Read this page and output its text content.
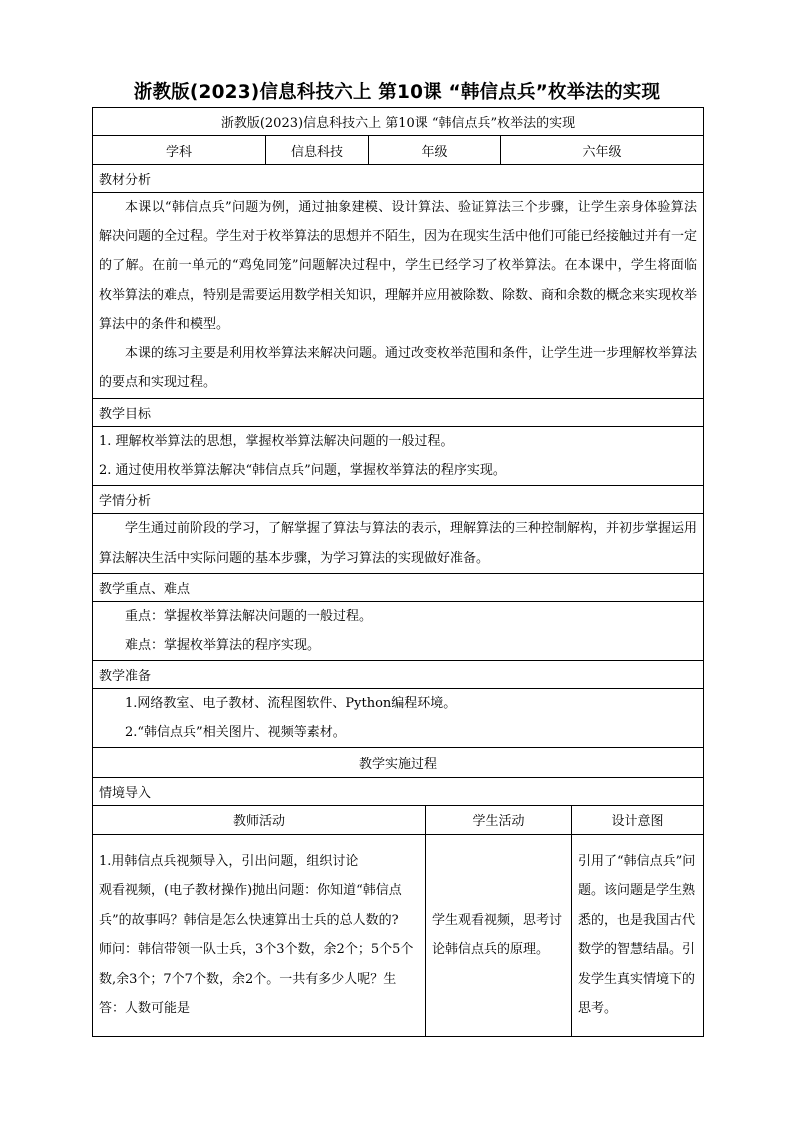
浙教版(2023)信息科技六上 第10课 “韩信点兵”枚举法的实现
浙教版(2023)信息科技六上 第10课 “韩信点兵”枚举法的实现					
学科	信息科技	年级		六年级	
教材分析					

本课以“韩信点兵”问题为例，通过抽象建模、设计算法、验证算法三个步骤，让学生亲身体验算法解决问题的全过程。学生对于枚举算法的思想并不陌生，因为在现实生活中他们可能已经接触过并有一定的了解。在前一单元的“鸡兔同笼”问题解决过程中，学生已经学习了枚举算法。在本课中，学生将面临枚举算法的难点，特别是需要运用数学相关知识，理解并应用被除数、除数、商和余数的概念来实现枚举算法中的条件和模型。

本课的练习主要是利用枚举算法来解决问题。通过改变枚举范围和条件，让学生进一步理解枚举算法的要点和实现过程。					

教学目标					

1. 理解枚举算法的思想，掌握枚举算法解决问题的一般过程。

2. 通过使用枚举算法解决“韩信点兵”问题，掌握枚举算法的程序实现。					

学情分析					

学生通过前阶段的学习，了解掌握了算法与算法的表示，理解算法的三种控制解构，并初步掌握运用算法解决生活中实际问题的基本步骤，为学习算法的实现做好准备。					

教学重点、难点					

重点：掌握枚举算法解决问题的一般过程。

难点：掌握枚举算法的程序实现。					

教学准备					

1.网络教室、电子教材、流程图软件、Python编程环境。

2.“韩信点兵”相关图片、视频等素材。					

教学实施过程					
情境导入					
教师活动			学生活动		设计意图

1.用韩信点兵视频导入，引出问题，组织讨论

观看视频，(电子教材操作)抛出问题：你知道“韩信点兵”的故事吗？韩信是怎么快速算出士兵的总人数的?

师问：韩信带领一队士兵，3个3个数，余2个；5个5个数,余3个；7个7个数，余2个。一共有多少人呢？生答：人数可能是			学生观看视频，思考讨论韩信点兵的原理。		引用了“韩信点兵”问题。该问题是学生熟悉的，也是我国古代数学的智慧结晶。引发学生真实情境下的思考。
